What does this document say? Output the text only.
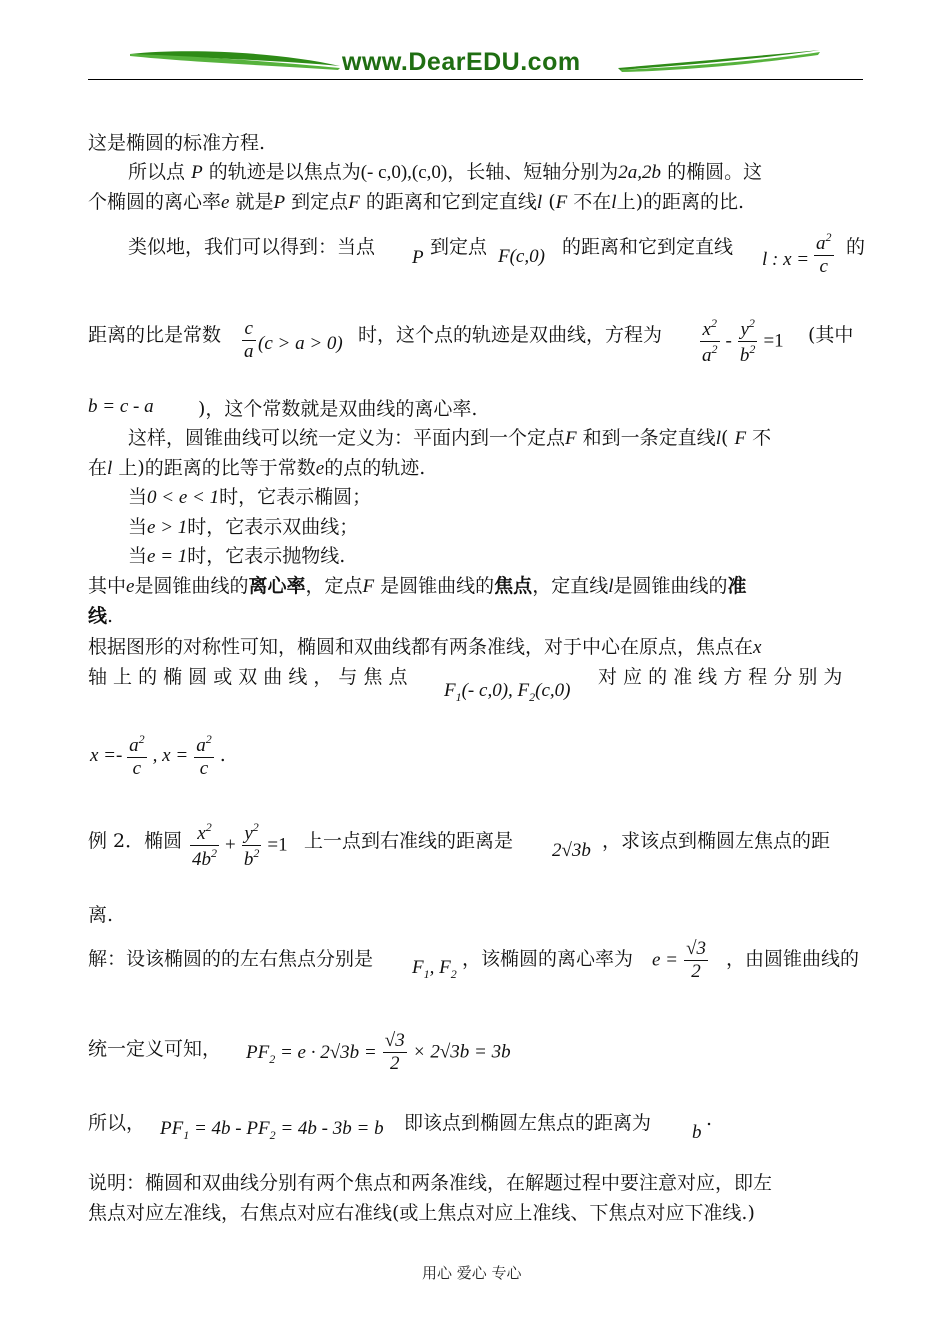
www.DearEDU.com
这是椭圆的标准方程.
所以点 P 的轨迹是以焦点为(- c,0),(c,0)，长轴、短轴分别为2a,2b 的椭圆。这
个椭圆的离心率e 就是P 到定点F 的距离和它到定直线l (F 不在l上)的距离的比.
类似地，我们可以得到：当点 P 到定点 F(c,0) 的距离和它到定直线
l : $x = \frac{a^2}{c}$ 的
距离的比是常数 $\frac{c}{a} (c > a > 0)$ 时，这个点的轨迹是双曲线，方程为 $\frac{x^2}{a^2} - \frac{y^2}{b^2} =1$ (其中
b = c - a )，这个常数就是双曲线的离心率.
这样，圆锥曲线可以统一定义为：平面内到一个定点F 和到一条定直线l( F 不
在l 上)的距离的比等于常数e的点的轨迹.
当0 < e < 1时，它表示椭圆；
当e > 1时，它表示双曲线；
当e = 1时，它表示抛物线.
其中e是圆锥曲线的离心率，定点F 是圆锥曲线的焦点，定直线l是圆锥曲线的准
线.
根据图形的对称性可知，椭圆和双曲线都有两条准线，对于中心在原点，焦点在x
轴 上 的 椭 圆 或 双 曲 线 ， 与 焦 点
$F_1(-$ c,0), $F_2(c,0)$
对 应 的 准 线 方 程 分 别 为
$x =- \frac{a^2}{c}$ , $x = \frac{a^2}{c}$ .
例 2．椭圆 $\frac{x^2}{4b^2} + \frac{y^2}{b^2} =1$ 上一点到右准线的距离是 2√3b ，求该点到椭圆左焦点的距
离.
解：设该椭圆的的左右焦点分别是 $F_1$, $F_2$
，该椭圆的离心率为 $e = \frac{√3}{2}$ ，由圆锥曲线的
统一定义可知， $PF_2 = e \cdot 2√3b = \frac{√3}{2} \times 2√3b = 3b$
所以， $PF_1 = 4b - PF_2 = 4b - 3b = b$ 即该点到椭圆左焦点的距离为 b
.
说明：椭圆和双曲线分别有两个焦点和两条准线，在解题过程中要注意对应，即左
焦点对应左准线，右焦点对应右准线(或上焦点对应上准线、下焦点对应下准线.)
用心 爱心 专心
